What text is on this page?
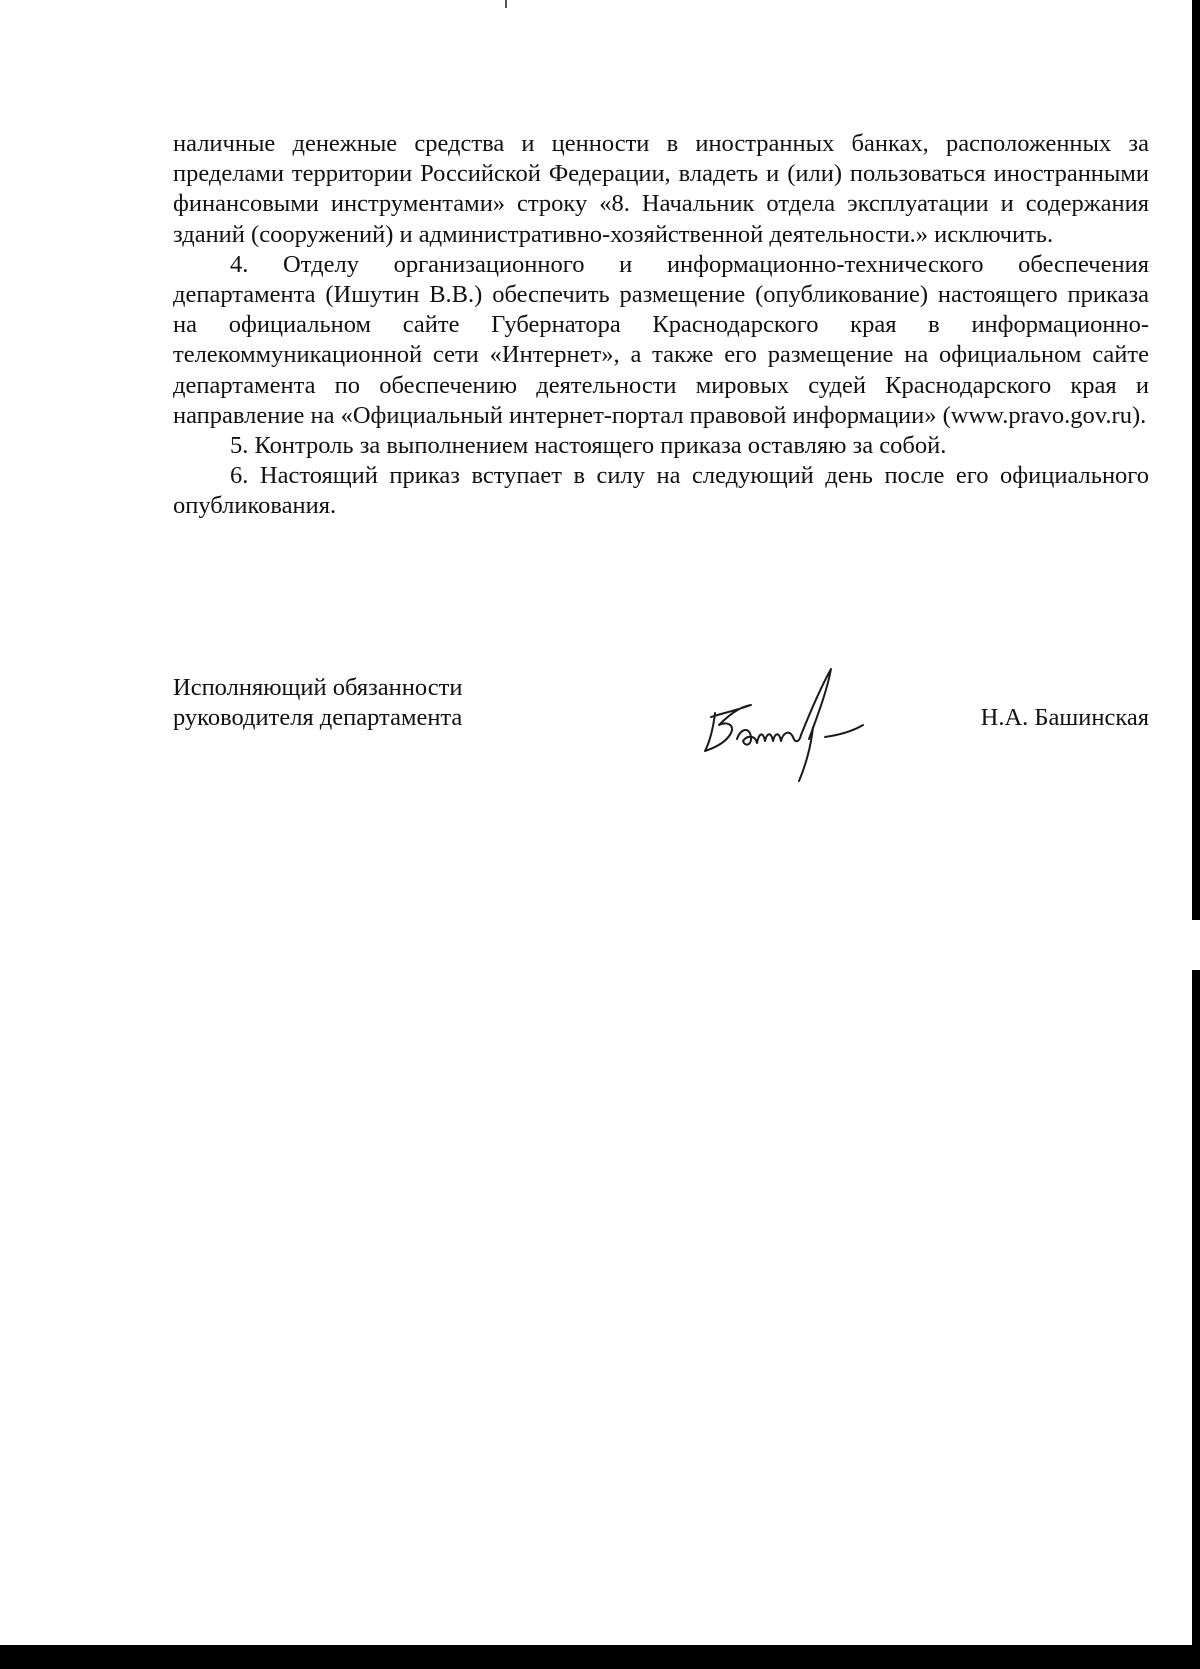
наличные денежные средства и ценности в иностранных банках, расположенных за пределами территории Российской Федерации, владеть и (или) пользоваться иностранными финансовыми инструментами» строку «8. Начальник отдела эксплуатации и содержания зданий (сооружений) и административно-хозяйственной деятельности.» исключить.

4. Отделу организационного и информационно-технического обеспечения департамента (Ишутин В.В.) обеспечить размещение (опубликование) настоящего приказа на официальном сайте Губернатора Краснодарского края в информационно-телекоммуникационной сети «Интернет», а также его размещение на официальном сайте департамента по обеспечению деятельности мировых судей Краснодарского края и направление на «Официальный интернет-портал правовой информации» (www.pravo.gov.ru).

5. Контроль за выполнением настоящего приказа оставляю за собой.

6. Настоящий приказ вступает в силу на следующий день после его официального опубликования.

Исполняющий обязанности
руководителя департамента	Н.А. Башинская
